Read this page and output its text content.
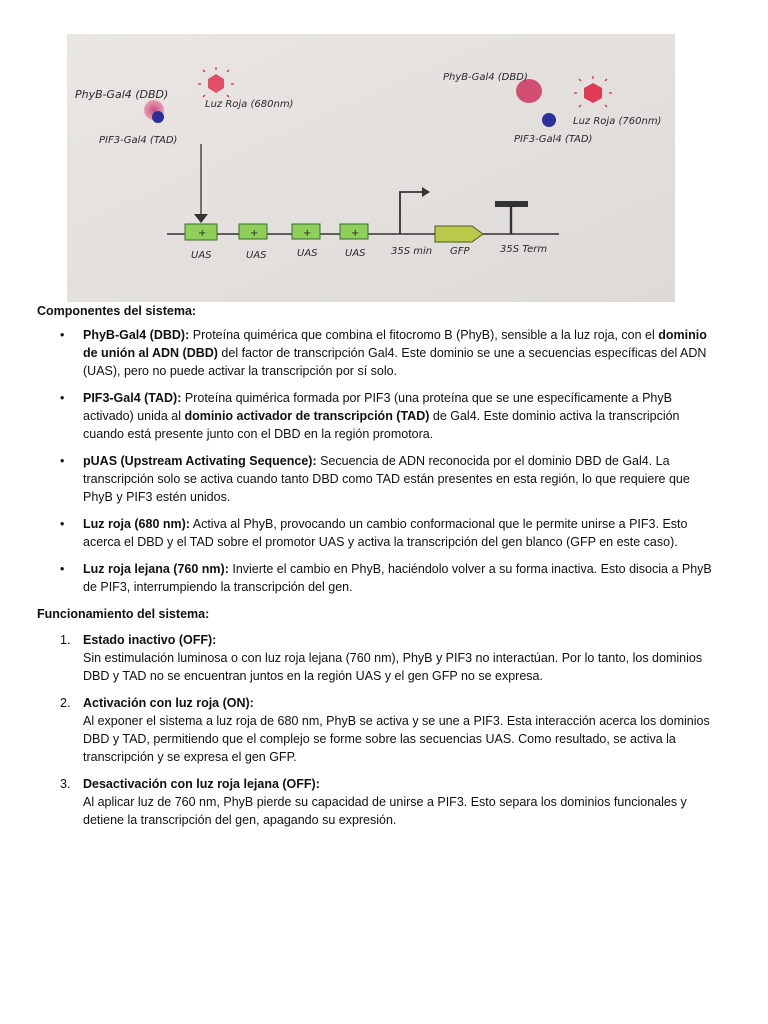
PhyB-Gal4 (DBD)
PIF3-Gal4 (TAD)
Luz Roja (680nm)
PhyB-Gal4 (DBD)
PIF3-Gal4 (TAD)
Luz Roja (760nm)
+	+	+	+
UAS	UAS	UAS	UAS	35S min GFP	35S Term

Componentes del sistema:

• PhyB-Gal4 (DBD): Proteína quimérica que combina el fitocromo B (PhyB), sensible a la luz roja, con el dominio de unión al ADN (DBD) del factor de transcripción Gal4. Este dominio se une a secuencias específicas del ADN (UAS), pero no puede activar la transcripción por sí solo.
• PIF3-Gal4 (TAD): Proteína quimérica formada por PIF3 (una proteína que se une específicamente a PhyB activado) unida al dominio activador de transcripción (TAD) de Gal4. Este dominio activa la transcripción cuando está presente junto con el DBD en la región promotora.
• pUAS (Upstream Activating Sequence): Secuencia de ADN reconocida por el dominio DBD de Gal4. La transcripción solo se activa cuando tanto DBD como TAD están presentes en esta región, lo que requiere que PhyB y PIF3 estén unidos.
• Luz roja (680 nm): Activa al PhyB, provocando un cambio conformacional que le permite unirse a PIF3. Esto acerca el DBD y el TAD sobre el promotor UAS y activa la transcripción del gen blanco (GFP en este caso).
• Luz roja lejana (760 nm): Invierte el cambio en PhyB, haciéndolo volver a su forma inactiva. Esto disocia a PhyB de PIF3, interrumpiendo la transcripción del gen.

Funcionamiento del sistema:

1. Estado inactivo (OFF):
Sin estimulación luminosa o con luz roja lejana (760 nm), PhyB y PIF3 no interactúan. Por lo tanto, los dominios DBD y TAD no se encuentran juntos en la región UAS y el gen GFP no se expresa.
2. Activación con luz roja (ON):
Al exponer el sistema a luz roja de 680 nm, PhyB se activa y se une a PIF3. Esta interacción acerca los dominios DBD y TAD, permitiendo que el complejo se forme sobre las secuencias UAS. Como resultado, se activa la transcripción y se expresa el gen GFP.
3. Desactivación con luz roja lejana (OFF):
Al aplicar luz de 760 nm, PhyB pierde su capacidad de unirse a PIF3. Esto separa los dominios funcionales y detiene la transcripción del gen, apagando su expresión.
